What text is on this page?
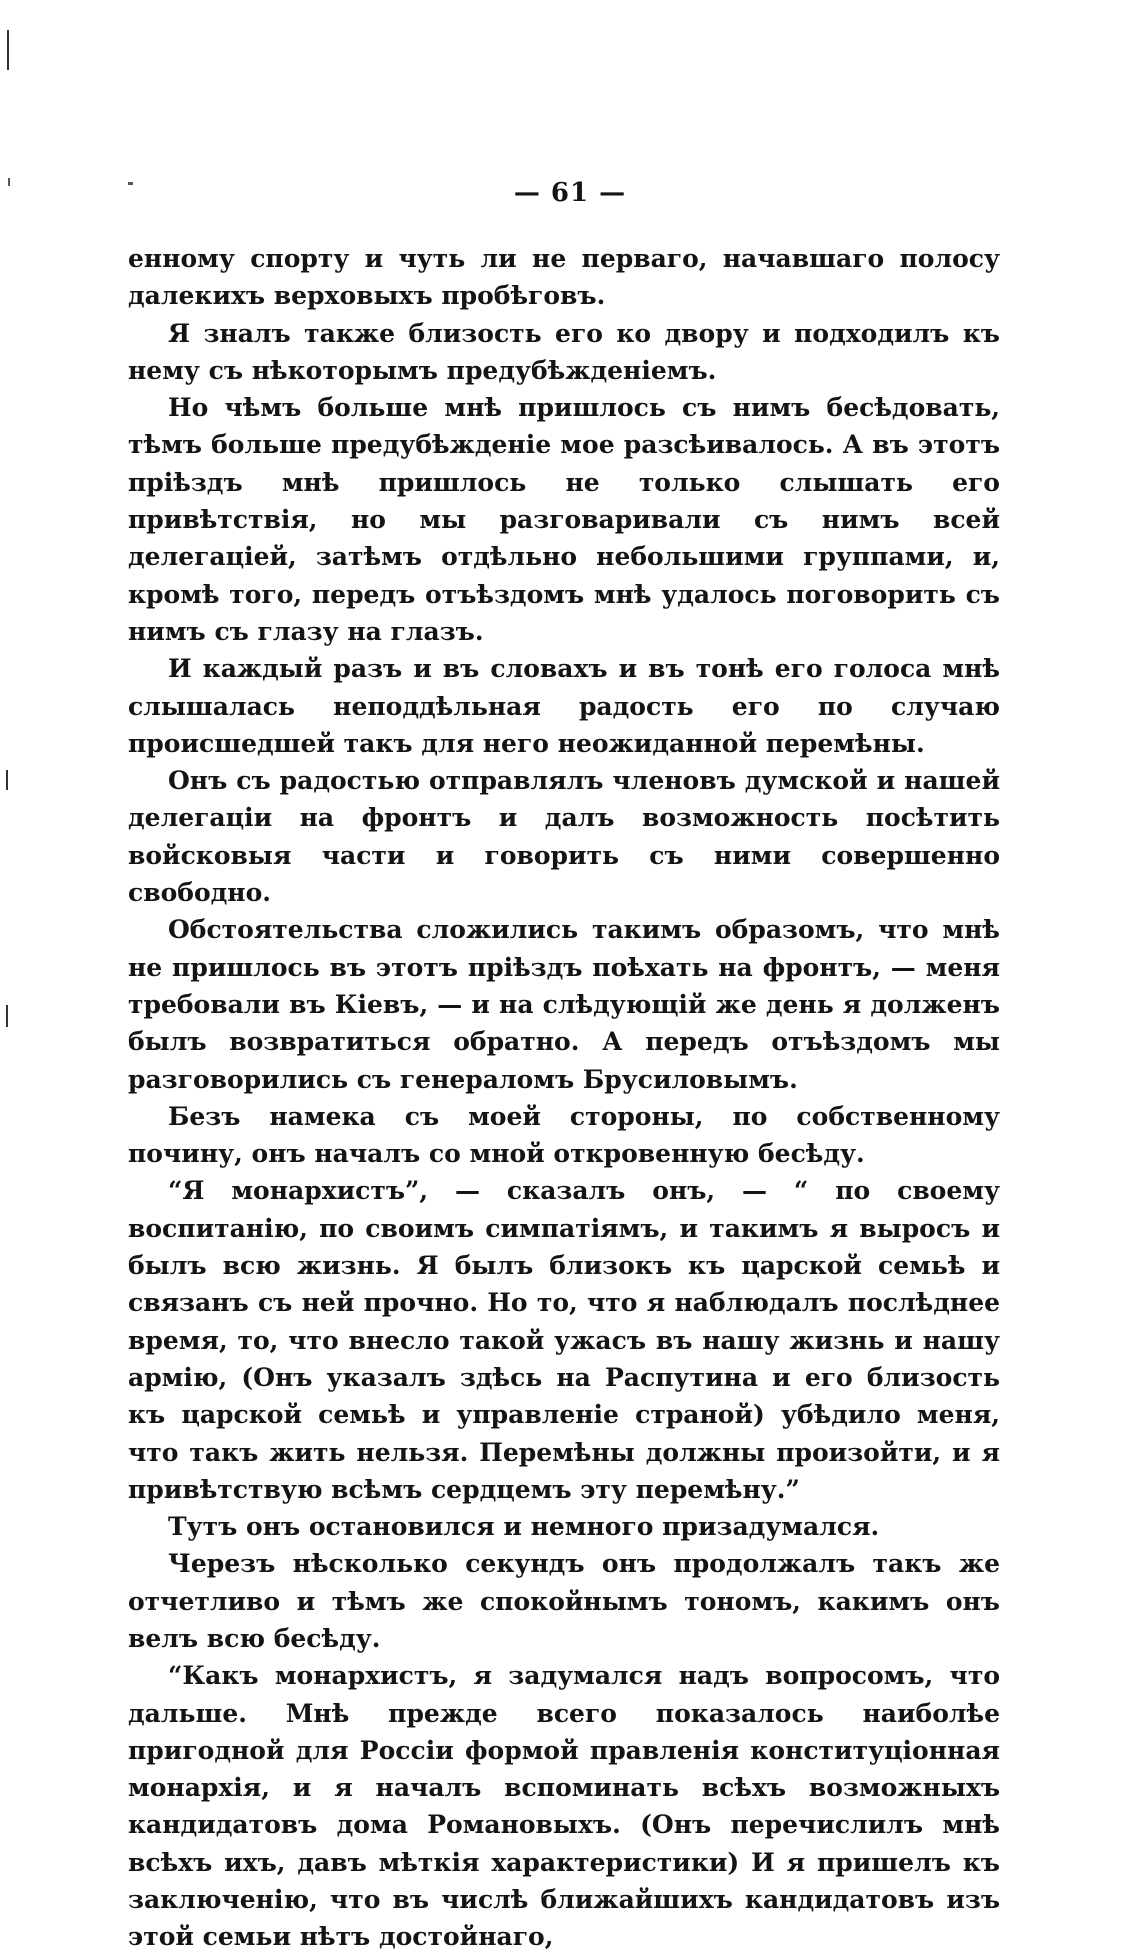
— 61 —

енному спорту и чуть ли не перваго, начавшаго полосу далекихъ верховыхъ пробѣговъ.

Я зналъ также близость его ко двору и подходилъ къ нему съ нѣкоторымъ предубѣжденіемъ.

Но чѣмъ больше мнѣ пришлось съ нимъ бесѣдовать, тѣмъ больше предубѣжденіе мое разсѣивалось. А въ этотъ пріѣздъ мнѣ пришлось не только слышать его привѣтствія, но мы разговаривали съ нимъ всей делегаціей, затѣмъ отдѣльно небольшими группами, и, кромѣ того, передъ отъѣздомъ мнѣ удалось поговорить съ нимъ съ глазу на глазъ.

И каждый разъ и въ словахъ и въ тонѣ его голоса мнѣ слышалась неподдѣльная радость его по случаю происшедшей такъ для него неожиданной перемѣны.

Онъ съ радостью отправлялъ членовъ думской и нашей делегаціи на фронтъ и далъ возможность посѣтить войсковыя части и говорить съ ними совершенно свободно.

Обстоятельства сложились такимъ образомъ, что мнѣ не пришлось въ этотъ пріѣздъ поѣхать на фронтъ, — меня требовали въ Кіевъ, — и на слѣдующій же день я долженъ былъ возвратиться обратно. А передъ отъѣздомъ мы разговорились съ генераломъ Брусиловымъ.

Безъ намека съ моей стороны, по собственному почину, онъ началъ со мной откровенную бесѣду.

“Я монархистъ”, — сказалъ онъ, — “ по своему воспитанію, по своимъ симпатіямъ, и такимъ я выросъ и былъ всю жизнь. Я былъ близокъ къ царской семьѣ и связанъ съ ней прочно. Но то, что я наблюдалъ послѣднее время, то, что внесло такой ужасъ въ нашу жизнь и нашу армію, (Онъ указалъ здѣсь на Распутина и его близость къ царской семьѣ и управленіе страной) убѣдило меня, что такъ жить нельзя. Перемѣны должны произойти, и я привѣтствую всѣмъ сердцемъ эту перемѣну.”

Тутъ онъ остановился и немного призадумался.

Черезъ нѣсколько секундъ онъ продолжалъ такъ же отчетливо и тѣмъ же спокойнымъ тономъ, какимъ онъ велъ всю бесѣду.

“Какъ монархистъ, я задумался надъ вопросомъ, что дальше. Мнѣ прежде всего показалось наиболѣе пригодной для Россіи формой правленія конституціонная монархія, и я началъ вспоминать всѣхъ возможныхъ кандидатовъ дома Романовыхъ. (Онъ перечислилъ мнѣ всѣхъ ихъ, давъ мѣткія характеристики) И я пришелъ къ заключенію, что въ числѣ ближайшихъ кандидатовъ изъ этой семьи нѣтъ достойнаго,
